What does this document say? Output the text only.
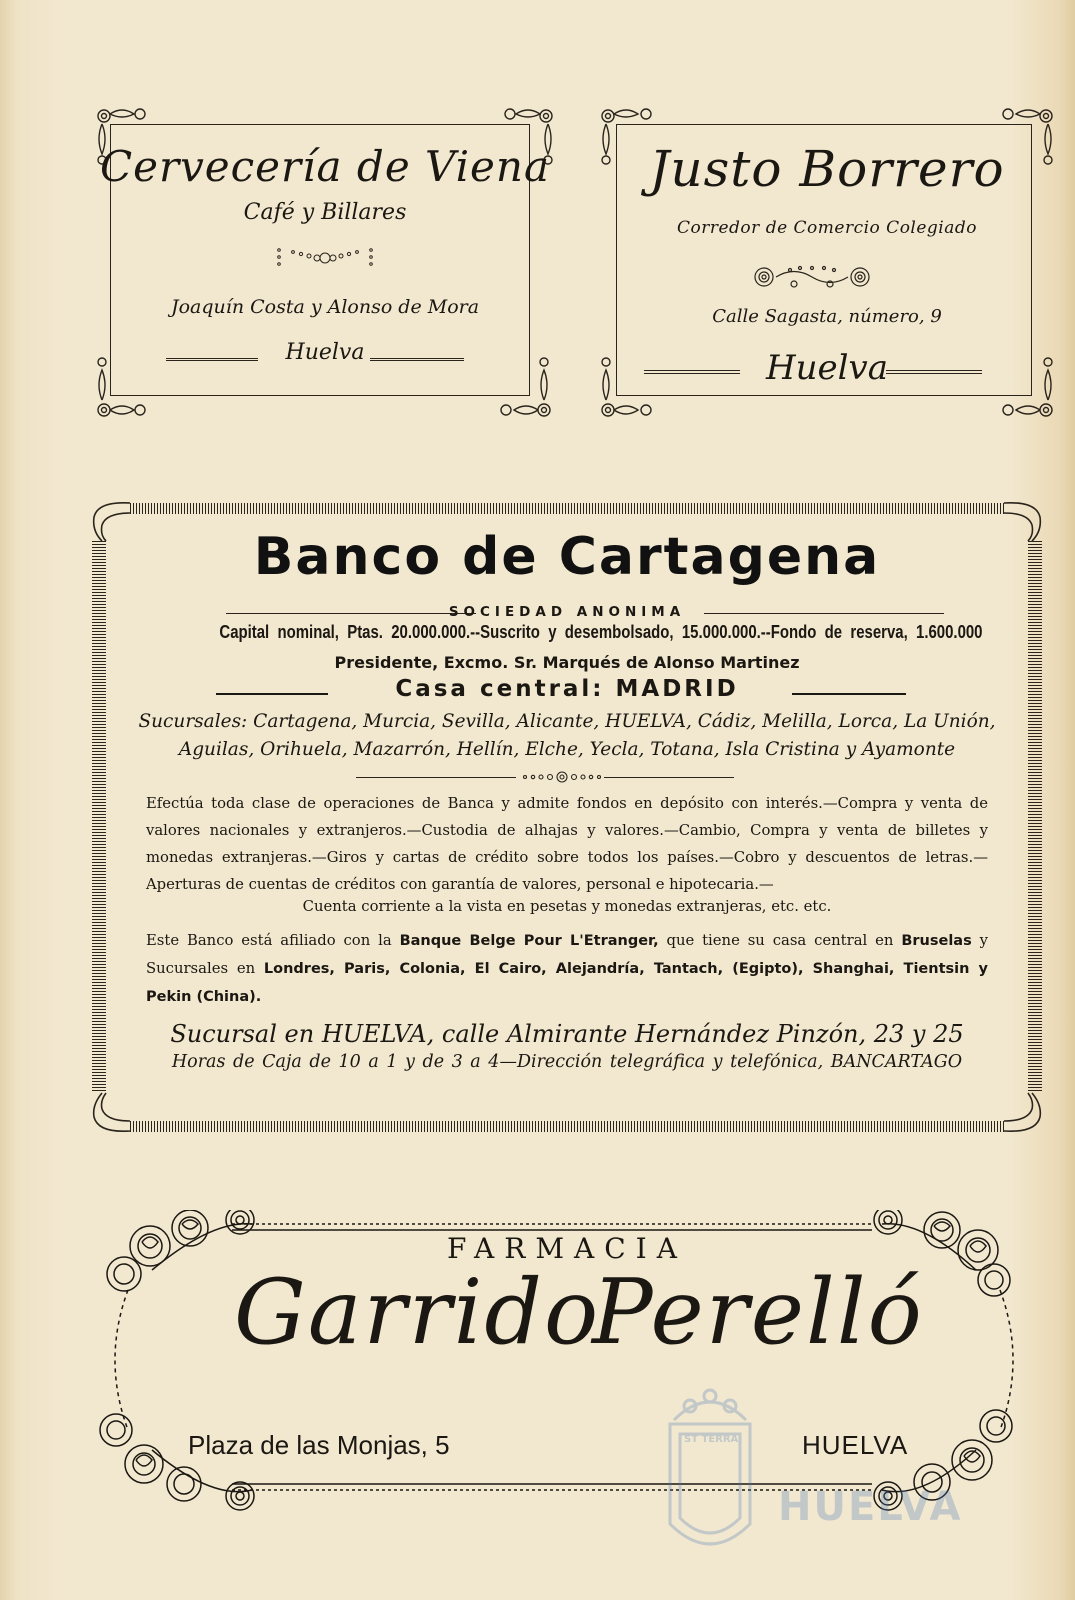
Cervecería de Viena
Café y Billares
Joaquín Costa y Alonso de Mora
Huelva
Justo Borrero
Corredor de Comercio Colegiado
Calle Sagasta, número, 9
Huelva
Banco de Cartagena
SOCIEDAD ANONIMA
Capital nominal, Ptas. 20.000.000.--Suscrito y desembolsado, 15.000.000.--Fondo de reserva, 1.600.000
Presidente, Excmo. Sr. Marqués de Alonso Martinez
Casa central: MADRID
Sucursales: Cartagena, Murcia, Sevilla, Alicante, HUELVA, Cádiz, Melilla, Lorca, La Unión,
Aguilas, Orihuela, Mazarrón, Hellín, Elche, Yecla, Totana, Isla Cristina y Ayamonte
Efectúa toda clase de operaciones de Banca y admite fondos en depósito con interés.—Compra y venta de valores nacionales y extranjeros.—Custodia de alhajas y valores.—Cambio, Compra y venta de billetes y monedas extranjeras.—Giros y cartas de crédito sobre todos los países.—Cobro y descuentos de letras.—Aperturas de cuentas de créditos con garantía de valores, personal e hipotecaria.—
Cuenta corriente a la vista en pesetas y monedas extranjeras, etc. etc.
Este Banco está afiliado con la Banque Belge Pour L'Etranger, que tiene su casa central en Bruselas y Sucursales en Londres, Paris, Colonia, El Cairo, Alejandría, Tantach, (Egipto), Shanghai, Tientsin y Pekin (China).
Sucursal en HUELVA, calle Almirante Hernández Pinzón, 23 y 25
Horas de Caja de 10 a 1 y de 3 a 4—Dirección telegráfica y telefónica, BANCARTAGO
FARMACIA
Garrido
Perelló
Plaza de las Monjas, 5	HUELVA
ST TERRA
HUELVA
